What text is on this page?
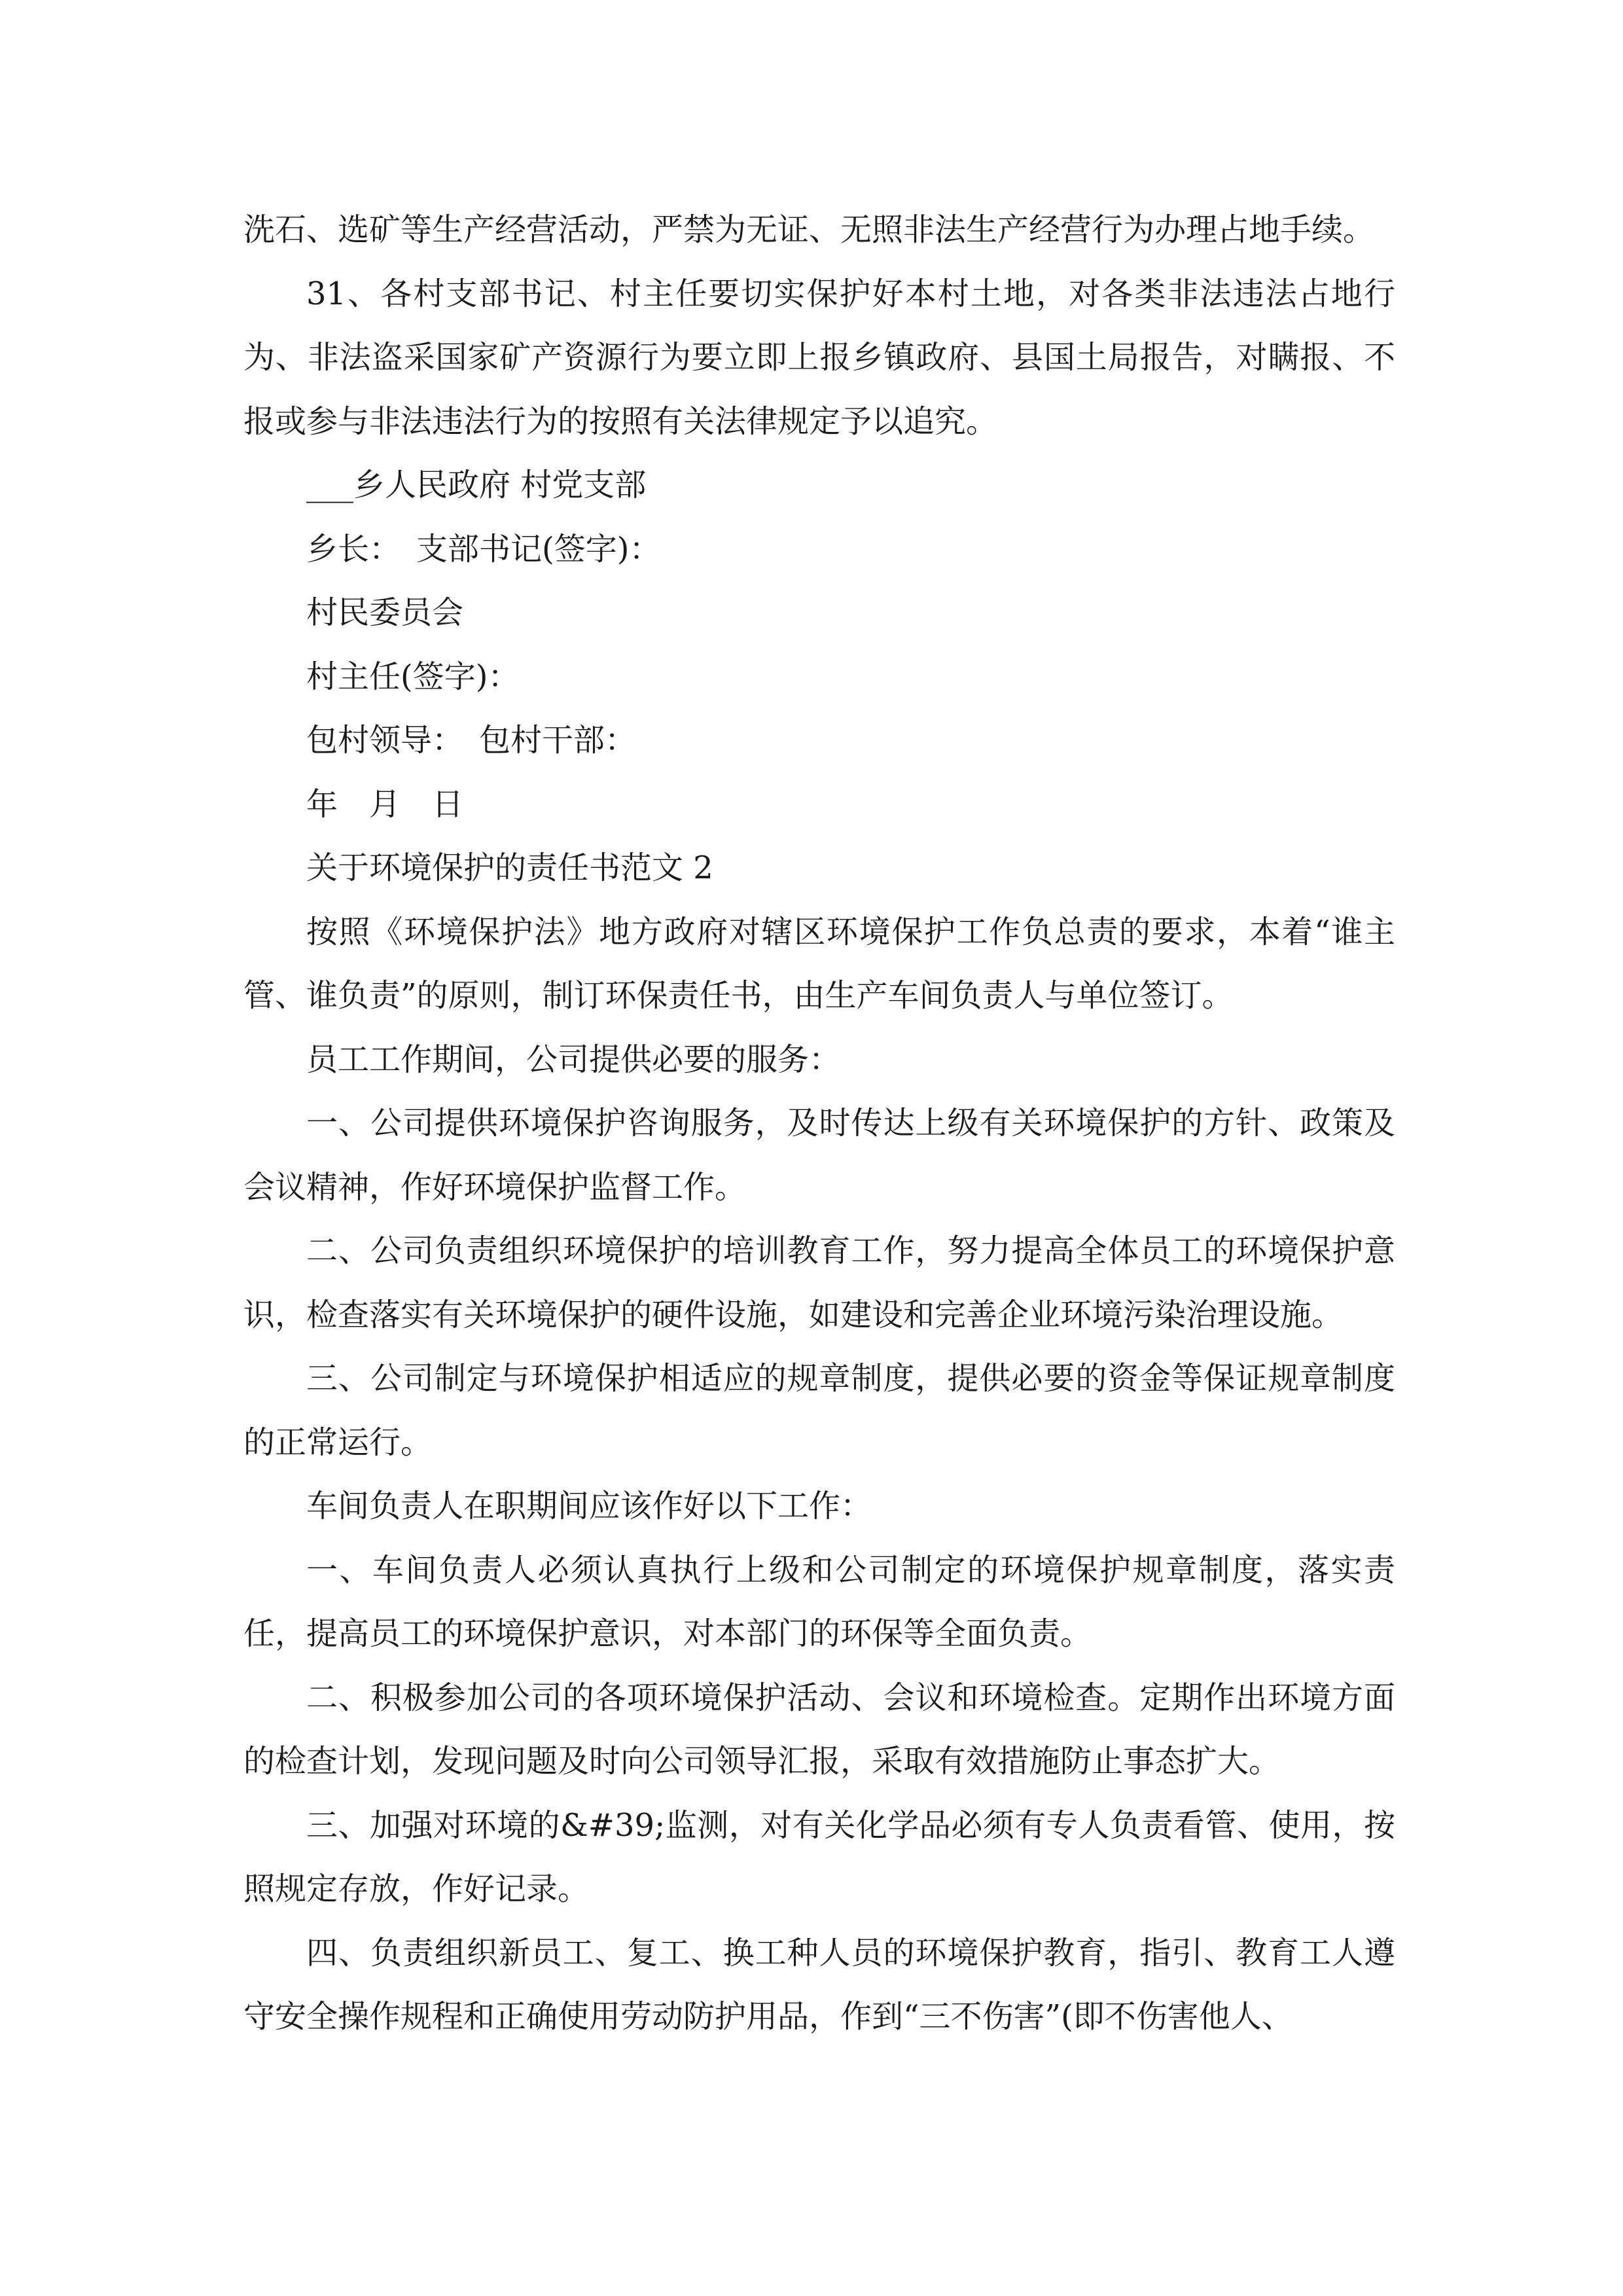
洗石、选矿等生产经营活动，严禁为无证、无照非法生产经营行为办理占地手续。

31、各村支部书记、村主任要切实保护好本村土地，对各类非法违法占地行为、非法盗采国家矿产资源行为要立即上报乡镇政府、县国土局报告，对瞒报、不报或参与非法违法行为的按照有关法律规定予以追究。

___乡人民政府 村党支部

乡长：　支部书记(签字)：

村民委员会

村主任(签字)：

包村领导：　包村干部：

年　月　日

关于环境保护的责任书范文 2

按照《环境保护法》地方政府对辖区环境保护工作负总责的要求，本着“谁主管、谁负责”的原则，制订环保责任书，由生产车间负责人与单位签订。

员工工作期间，公司提供必要的服务：

一、公司提供环境保护咨询服务，及时传达上级有关环境保护的方针、政策及会议精神，作好环境保护监督工作。

二、公司负责组织环境保护的培训教育工作，努力提高全体员工的环境保护意识，检查落实有关环境保护的硬件设施，如建设和完善企业环境污染治理设施。

三、公司制定与环境保护相适应的规章制度，提供必要的资金等保证规章制度的正常运行。

车间负责人在职期间应该作好以下工作：

一、车间负责人必须认真执行上级和公司制定的环境保护规章制度，落实责任，提高员工的环境保护意识，对本部门的环保等全面负责。

二、积极参加公司的各项环境保护活动、会议和环境检查。定期作出环境方面的检查计划，发现问题及时向公司领导汇报，采取有效措施防止事态扩大。

三、加强对环境的&#39;监测，对有关化学品必须有专人负责看管、使用，按照规定存放，作好记录。

四、负责组织新员工、复工、换工种人员的环境保护教育，指引、教育工人遵守安全操作规程和正确使用劳动防护用品，作到“三不伤害”(即不伤害他人、
